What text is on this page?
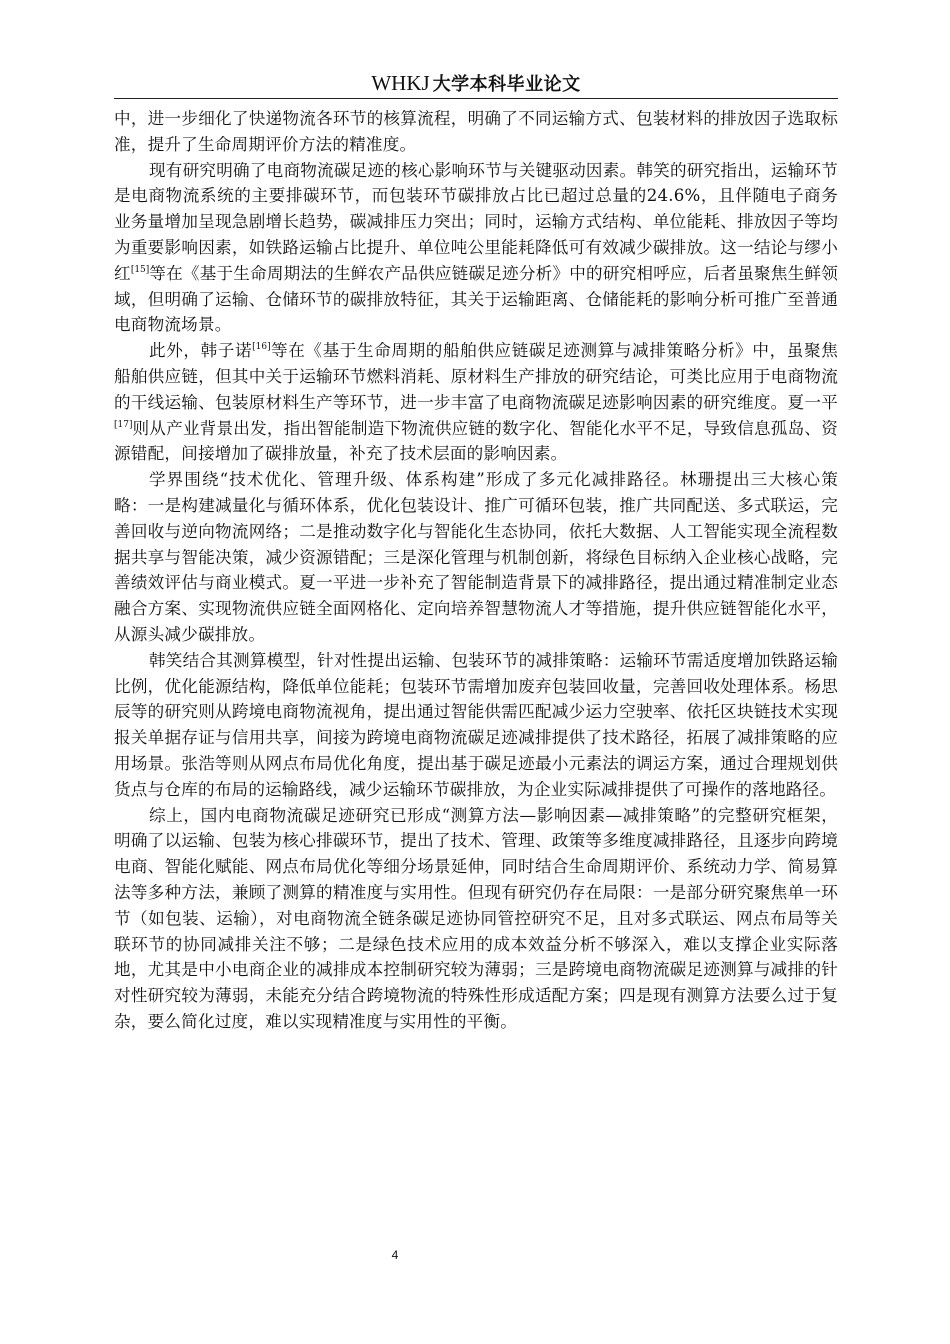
WHKJ 大学本科毕业论文

中，进一步细化了快递物流各环节的核算流程，明确了不同运输方式、包装材料的排放因子选取标准，提升了生命周期评价方法的精准度。

现有研究明确了电商物流碳足迹的核心影响环节与关键驱动因素。韩笑的研究指出，运输环节是电商物流系统的主要排碳环节，而包装环节碳排放占比已超过总量的24.6%，且伴随电子商务业务量增加呈现急剧增长趋势，碳减排压力突出；同时，运输方式结构、单位能耗、排放因子等均为重要影响因素，如铁路运输占比提升、单位吨公里能耗降低可有效减少碳排放。这一结论与缪小红[15]等在《基于生命周期法的生鲜农产品供应链碳足迹分析》中的研究相呼应，后者虽聚焦生鲜领域，但明确了运输、仓储环节的碳排放特征，其关于运输距离、仓储能耗的影响分析可推广至普通电商物流场景。

此外，韩子诺[16]等在《基于生命周期的船舶供应链碳足迹测算与减排策略分析》中，虽聚焦船舶供应链，但其中关于运输环节燃料消耗、原材料生产排放的研究结论，可类比应用于电商物流的干线运输、包装原材料生产等环节，进一步丰富了电商物流碳足迹影响因素的研究维度。夏一平[17]则从产业背景出发，指出智能制造下物流供应链的数字化、智能化水平不足，导致信息孤岛、资源错配，间接增加了碳排放量，补充了技术层面的影响因素。

学界围绕“技术优化、管理升级、体系构建”形成了多元化减排路径。林珊提出三大核心策略：一是构建减量化与循环体系，优化包装设计、推广可循环包装，推广共同配送、多式联运，完善回收与逆向物流网络；二是推动数字化与智能化生态协同，依托大数据、人工智能实现全流程数据共享与智能决策，减少资源错配；三是深化管理与机制创新，将绿色目标纳入企业核心战略，完善绩效评估与商业模式。夏一平进一步补充了智能制造背景下的减排路径，提出通过精准制定业态融合方案、实现物流供应链全面网格化、定向培养智慧物流人才等措施，提升供应链智能化水平，从源头减少碳排放。

韩笑结合其测算模型，针对性提出运输、包装环节的减排策略：运输环节需适度增加铁路运输比例，优化能源结构，降低单位能耗；包装环节需增加废弃包装回收量，完善回收处理体系。杨思辰等的研究则从跨境电商物流视角，提出通过智能供需匹配减少运力空驶率、依托区块链技术实现报关单据存证与信用共享，间接为跨境电商物流碳足迹减排提供了技术路径，拓展了减排策略的应用场景。张浩等则从网点布局优化角度，提出基于碳足迹最小元素法的调运方案，通过合理规划供货点与仓库的布局的运输路线，减少运输环节碳排放，为企业实际减排提供了可操作的落地路径。

综上，国内电商物流碳足迹研究已形成“测算方法—影响因素—减排策略”的完整研究框架，明确了以运输、包装为核心排碳环节，提出了技术、管理、政策等多维度减排路径，且逐步向跨境电商、智能化赋能、网点布局优化等细分场景延伸，同时结合生命周期评价、系统动力学、简易算法等多种方法，兼顾了测算的精准度与实用性。但现有研究仍存在局限：一是部分研究聚焦单一环节（如包装、运输），对电商物流全链条碳足迹协同管控研究不足，且对多式联运、网点布局等关联环节的协同减排关注不够；二是绿色技术应用的成本效益分析不够深入，难以支撑企业实际落地，尤其是中小电商企业的减排成本控制研究较为薄弱；三是跨境电商物流碳足迹测算与减排的针对性研究较为薄弱，未能充分结合跨境物流的特殊性形成适配方案；四是现有测算方法要么过于复杂，要么简化过度，难以实现精准度与实用性的平衡。

4
